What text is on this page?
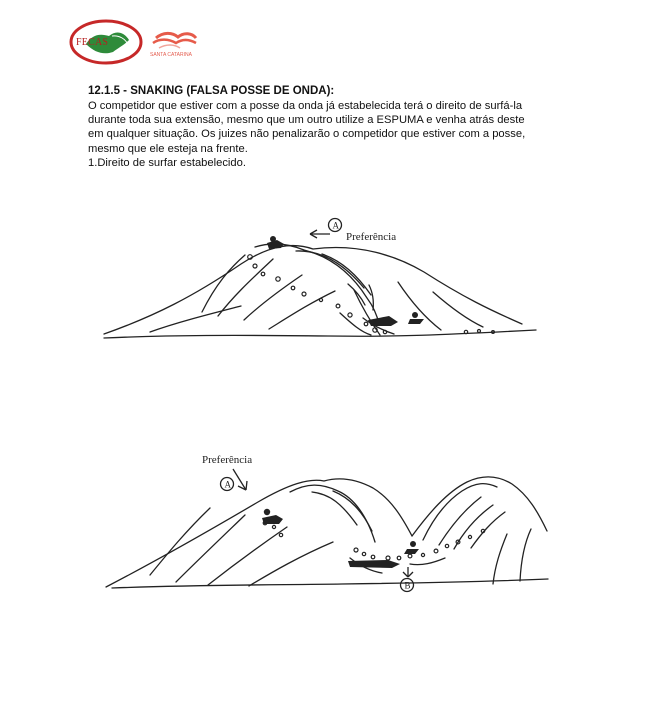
FECAS
SANTA CATARINA
12.1.5 - SNAKING (FALSA POSSE DE ONDA):
O competidor que estiver com a posse da onda já estabelecida terá o direito de surfá-la
durante toda sua extensão, mesmo que um outro utilize a ESPUMA e venha atrás deste
em qualquer situação. Os juizes não penalizarão o competidor que estiver com a posse,
mesmo que ele esteja na frente.
1.Direito de surfar estabelecido.
A
Preferência
A
B
Preferência
